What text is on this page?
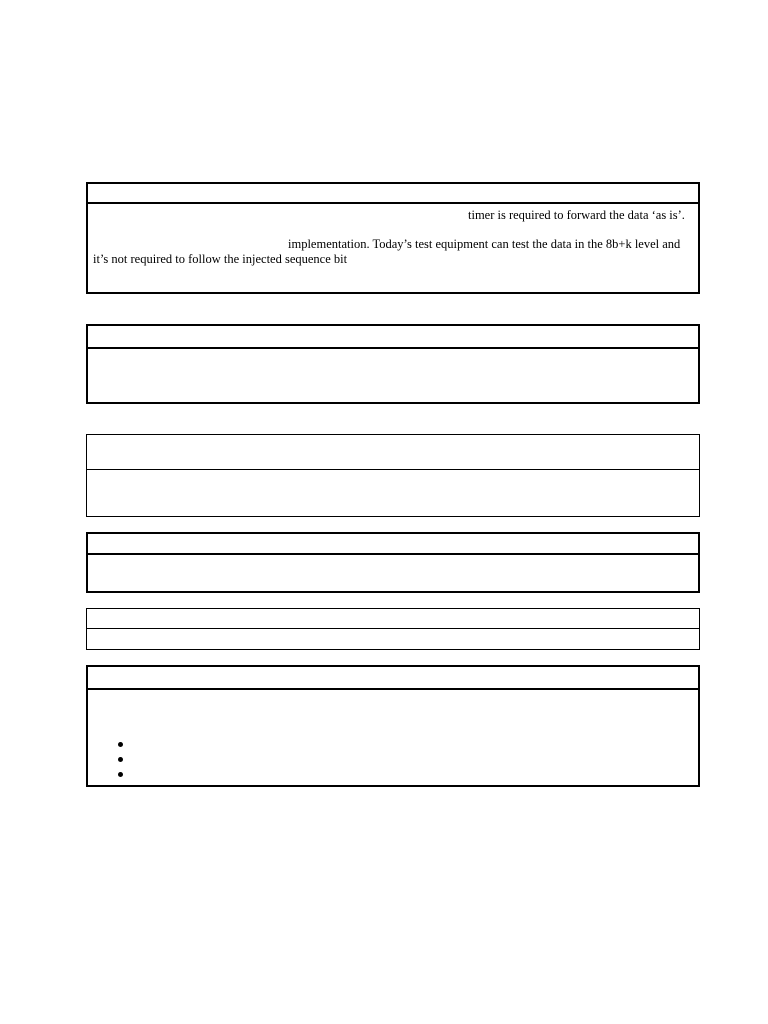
timer is required to forward the data ‘as is’.
implementation. Today’s test equipment can test the data in the 8b+k level and
it’s not required to follow the injected sequence bit
